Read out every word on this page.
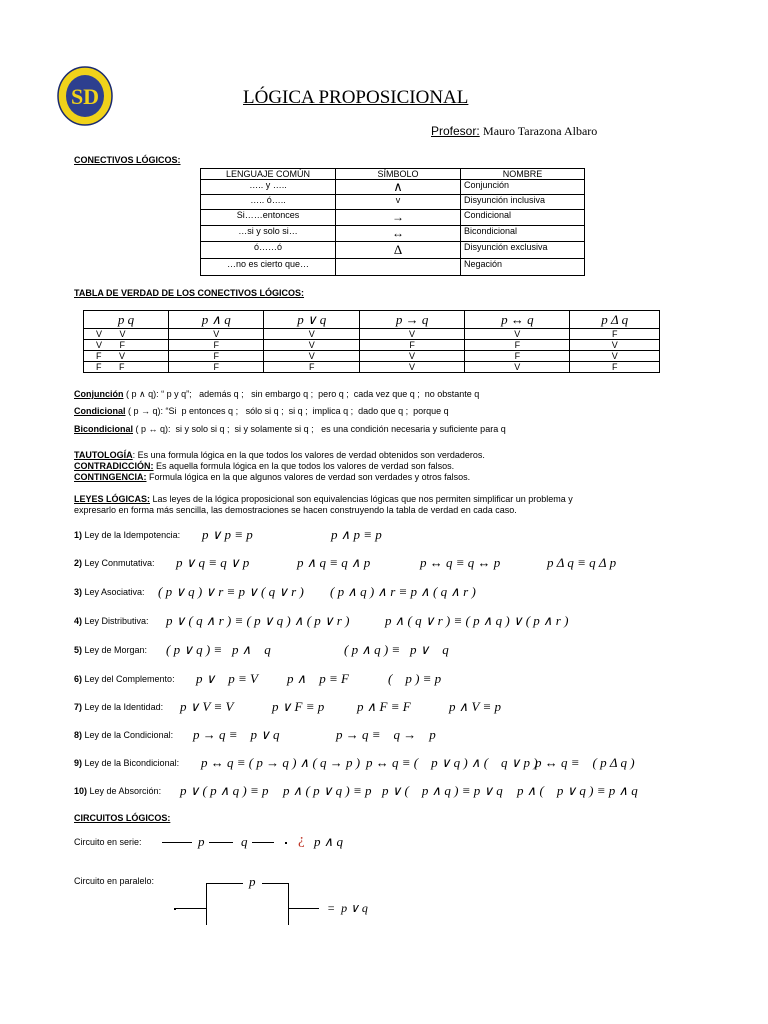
SD	LÓGICA PROPOSICIONAL
Profesor: Mauro Tarazona Albaro
CONECTIVOS LÓGICOS:
LENGUAJE COMÚN	SÍMBOLO	NOMBRE
….. y …..	∧	Conjunción
….. ó…..	v	Disyunción inclusiva
Si……entonces	→	Condicional
…si y solo si…	↔	Bicondicional
ó……ó	Δ	Disyunción exclusiva
…no es cierto que…		Negación
TABLA DE VERDAD DE LOS CONECTIVOS LÓGICOS:
p q	p ∧ q	p ∨ q	p → q	p ↔ q	p Δ q
V V	V	V	V	V	F
V F	F	V	F	F	V
F V	F	V	V	F	V
F F	F	F	V	V	F
Conjunción ( p ∧ q): “ p y q”;   además q ;   sin embargo q ;  pero q ;  cada vez que q ;  no obstante q
Condicional ( p → q): “Si  p entonces q ;   sólo si q ;  si q ;  implica q ;  dado que q ;  porque q
Bicondicional ( p ↔ q):  si y solo si q ;  si y solamente si q ;   es una condición necesaria y suficiente para q
TAUTOLOGÍA: Es una formula lógica en la que todos los valores de verdad obtenidos son verdaderos.
CONTRADICCIÓN: Es aquella formula lógica en la que todos los valores de verdad son falsos.
CONTINGENCIA: Formula lógica en la que algunos valores de verdad son verdades y otros falsos.
LEYES LÓGICAS: Las leyes de la lógica proposicional son equivalencias lógicas que nos permiten simplificar un problema y
expresarlo en forma más sencilla, las demostraciones se hacen construyendo la tabla de verdad en cada caso.
1) Ley de la Idempotencia: p ∨ p ≡ p	p ∧ p ≡ p
2) Ley Conmutativa: p ∨ q ≡ q ∨ p	p ∧ q ≡ q ∧ p	p ↔ q ≡ q ↔ p	p Δ q ≡ q Δ p
3) Ley Asociativa: ( p ∨ q ) ∨ r ≡ p ∨ ( q ∨ r ) ( p ∧ q ) ∧ r ≡ p ∧ ( q ∧ r )
4) Ley Distributiva: p ∨ ( q ∧ r ) ≡ ( p ∨ q ) ∧ ( p ∨ r )	p ∧ ( q ∨ r ) ≡ ( p ∧ q ) ∨ ( p ∧ r )
5) Ley de Morgan: ( p ∨ q ) ≡   p ∧    q	( p ∧ q ) ≡   p ∨    q
6) Ley del Complemento: p ∨    p ≡ V p ∧    p ≡ F	(    p ) ≡ p
7) Ley de la Identidad: p ∨ V ≡ V	p ∨ F ≡ p	p ∧ F ≡ F	p ∧ V ≡ p
8) Ley de la Condicional: p → q ≡    p ∨ q	p → q ≡    q →    p
9) Ley de la Bicondicional: p ↔ q ≡ ( p → q ) ∧ ( q → p ) p ↔ q ≡ (    p ∨ q ) ∧ (    q ∨ p )
p ↔ q ≡    ( p Δ q )
10) Ley de Absorción: p ∨ ( p ∧ q ) ≡ p p ∧ ( p ∨ q ) ≡ p p ∨ (    p ∧ q ) ≡ p ∨ q p ∧ (    p ∨ q ) ≡ p ∧ q
CIRCUITOS LÓGICOS:
Circuito en serie:	p	q	¿ p ∧ q
Circuito en paralelo:	p
=  p ∨ q
